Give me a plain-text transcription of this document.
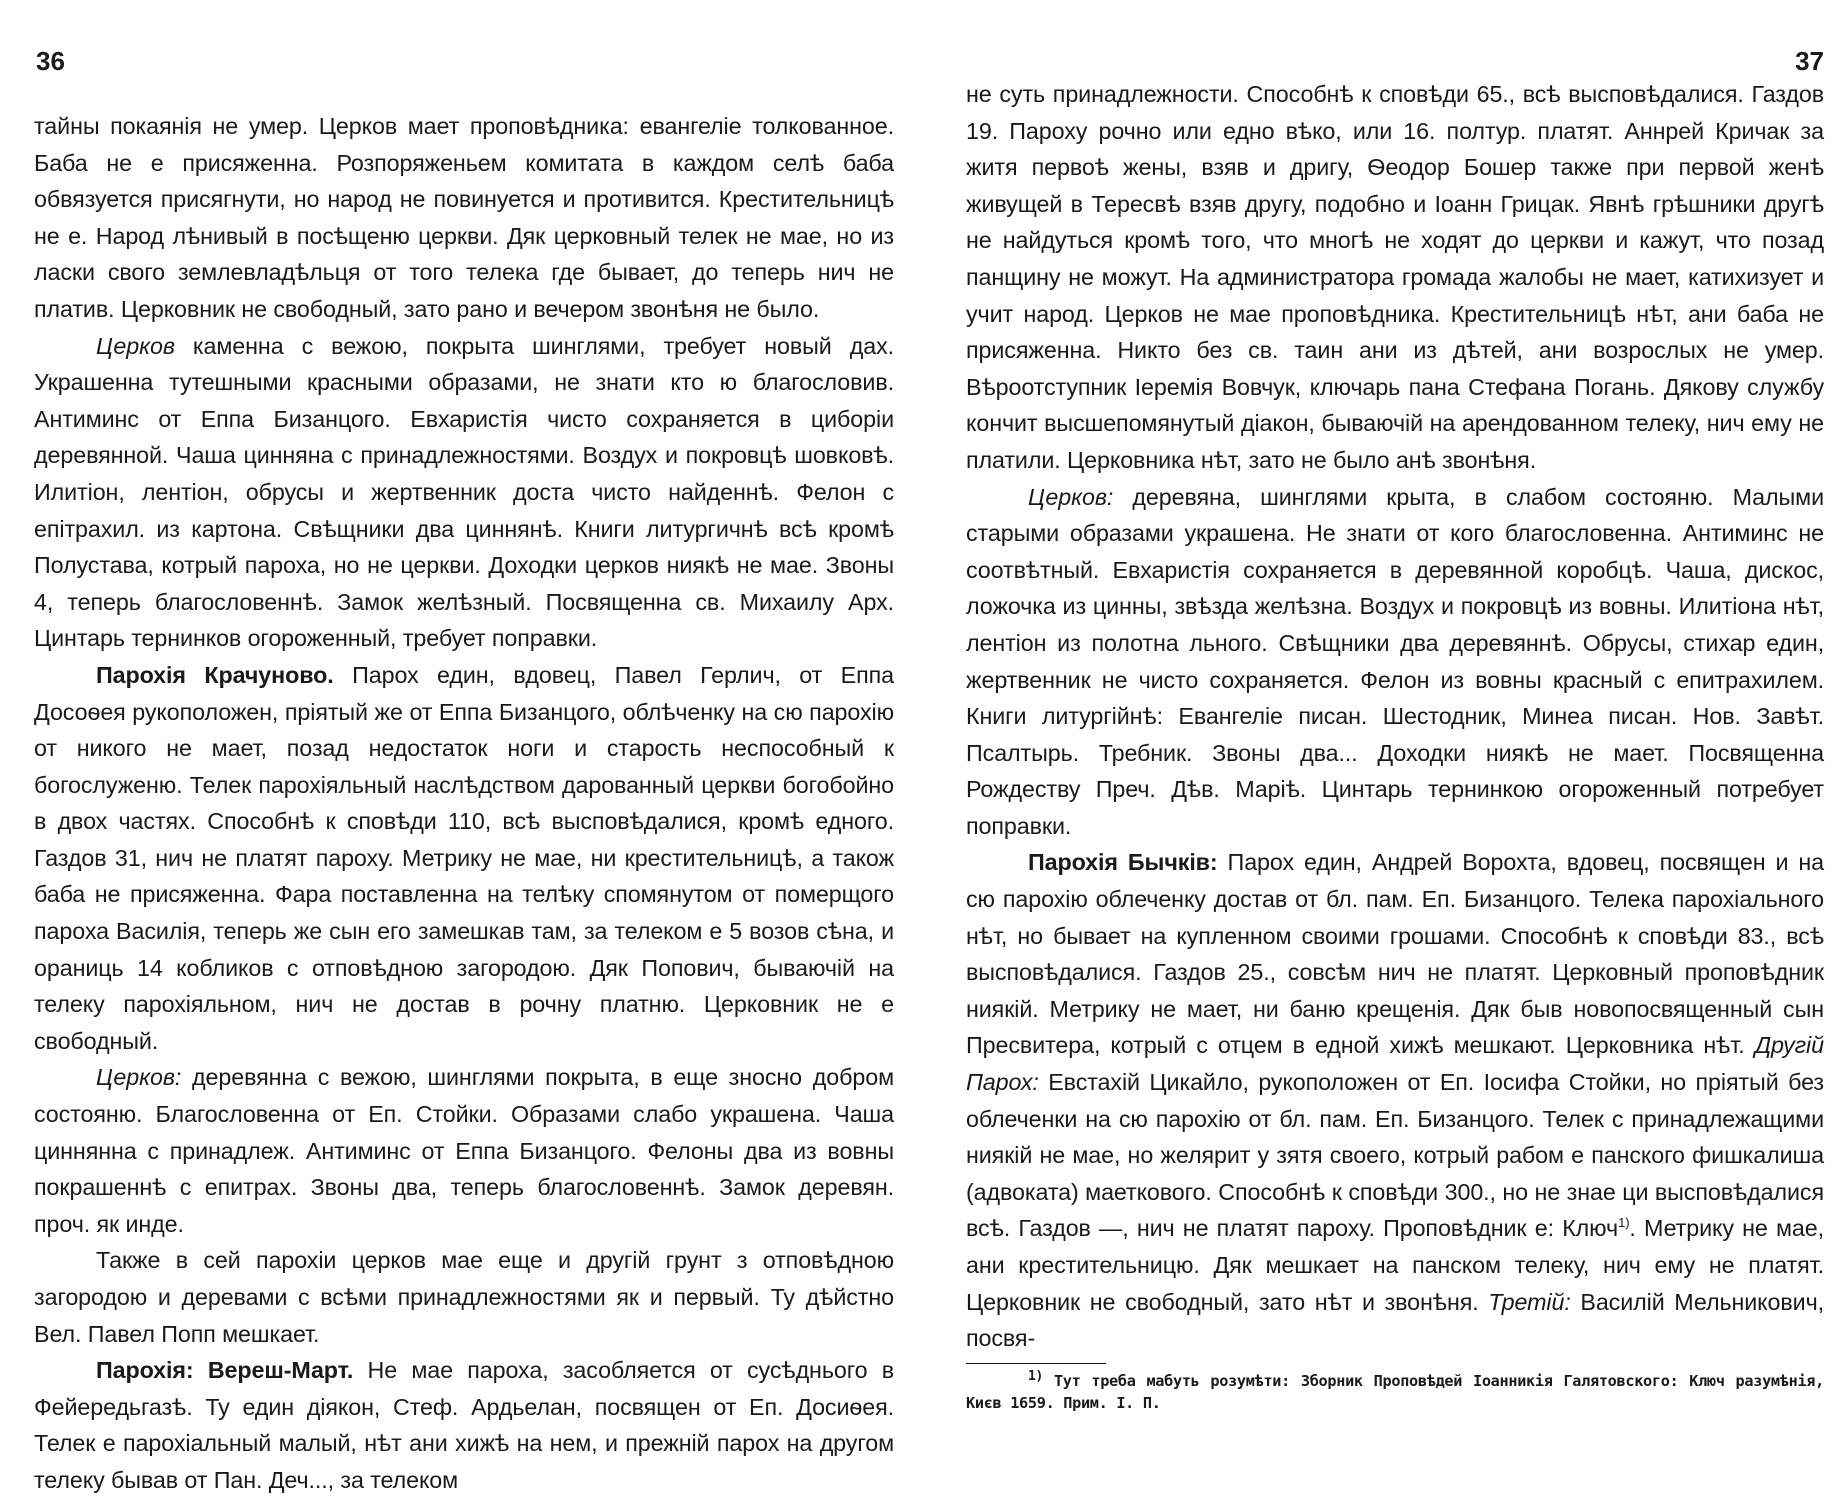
36

тайны покаянія не умер. Церков мает проповѣдника: евангеліе толкованное. Баба не е присяженна. Розпоряженьем комитата в каждом селѣ баба обвязуется присягнути, но народ не повинуется и противится. Крестительницѣ не е. Народ лѣнивый в посѣщеню церкви. Дяк церковный телек не мае, но из ласки свого землевладѣльця от того телека где бывает, до теперь нич не платив. Церковник не свободный, зато рано и вечером звонѣня не было.

Церков каменна с вежою, покрыта шинглями, требует новый дах. Украшенна тутешными красными образами, не знати кто ю благословив. Антиминс от Еппа Бизанцого. Евхаристія чисто сохраняется в циборіи деревянной. Чаша цинняна с принадлежностями. Воздух и покровцѣ шовковѣ. Илитіон, лентіон, обрусы и жертвенник доста чисто найденнѣ. Фелон с епітрахил. из картона. Свѣщники два циннянѣ. Книги литургичнѣ всѣ кромѣ Полустава, котрый пароха, но не церкви. Доходки церков ниякѣ не мае. Звоны 4, теперь благословеннѣ. Замок желѣзный. Посвященна св. Михаилу Арх. Цинтарь тернинков огороженный, требует поправки.

Парохія Крачуново. Парох един, вдовец, Павел Герлич, от Еппа Досоѳея рукоположен, пріятый же от Еппа Бизанцого, облѣченку на сю парохію от никого не мает, позад недостаток ноги и старость неспособный к богослуженю. Телек парохіяльный наслѣдством дарованный церкви богобойно в двох частях. Способнѣ к сповѣди 110, всѣ высповѣдалися, кромѣ едного. Газдов 31, нич не платят пароху. Метрику не мае, ни крестительницѣ, а також баба не присяженна. Фара поставленна на телѣку спомянутом от померщого пароха Василія, теперь же сын его замешкав там, за телеком е 5 возов сѣна, и ораниць 14 кобликов с отповѣдною загородою. Дяк Попович, бываючій на телеку парохіяльном, нич не достав в рочну платню. Церковник не е свободный.

Церков: деревянна с вежою, шинглями покрыта, в еще зносно добром состояню. Благословенна от Еп. Стойки. Образами слабо украшена. Чаша циннянна с принадлеж. Антиминс от Еппа Бизанцого. Фелоны два из вовны покрашеннѣ с епитрах. Звоны два, теперь благословеннѣ. Замок деревян. проч. як инде.

Также в сей парохіи церков мае еще и другій грунт з отповѣдною загородою и деревами с всѣми принадлежностями як и первый. Ту дѣйстно Вел. Павел Попп мешкает.

Парохія: Вереш-Март. Не мае пароха, засобляется от сусѣднього в Фейередьгазѣ. Ту един діякон, Стеф. Ардьелан, посвящен от Еп. Досиѳея. Телек е парохіальный малый, нѣт ани хижѣ на нем, и прежній парох на другом телеку бывав от Пан. Деч..., за телеком

37

не суть принадлежности. Способнѣ к сповѣди 65., всѣ высповѣдалися. Газдов 19. Пароху рочно или едно вѣко, или 16. полтур. платят. Аннрей Кричак за житя первоѣ жены, взяв и дригу, Ѳеодор Бошер также при первой женѣ живущей в Тересвѣ взяв другу, подобно и Іоанн Грицак. Явнѣ грѣшники другѣ не найдуться кромѣ того, что многѣ не ходят до церкви и кажут, что позад панщину не можут. На администратора громада жалобы не мает, катихизует и учит народ. Церков не мае проповѣдника. Крестительницѣ нѣт, ани баба не присяженна. Никто без св. таин ани из дѣтей, ани возрослых не умер. Вѣроотступник Іеремія Вовчук, ключарь пана Стефана Погань. Дякову службу кончит высшепомянутый діакон, бываючій на арендованном телеку, нич ему не платили. Церковника нѣт, зато не было анѣ звонѣня.

Церков: деревяна, шинглями крыта, в слабом состояню. Малыми старыми образами украшена. Не знати от кого благословенна. Антиминс не соотвѣтный. Евхаристія сохраняется в деревянной коробцѣ. Чаша, дискос, ложочка из цинны, звѣзда желѣзна. Воздух и покровцѣ из вовны. Илитіона нѣт, лентіон из полотна льного. Свѣщники два деревяннѣ. Обрусы, стихар един, жертвенник не чисто сохраняется. Фелон из вовны красный с епитрахилем. Книги литургійнѣ: Евангеліе писан. Шестодник, Минеа писан. Нов. Завѣт. Псалтырь. Требник. Звоны два... Доходки ниякѣ не мает. Посвященна Рождеству Преч. Дѣв. Маріѣ. Цинтарь тернинкою огороженный потребует поправки.

Парохія Бычків: Парох един, Андрей Ворохта, вдовец, посвящен и на сю парохію облеченку достав от бл. пам. Еп. Бизанцого. Телека парохіального нѣт, но бывает на купленном своими грошами. Способнѣ к сповѣди 83., всѣ высповѣдалися. Газдов 25., совсѣм нич не платят. Церковный проповѣдник ниякій. Метрику не мает, ни баню крещенія. Дяк быв новопосвященный сын Пресвитера, котрый с отцем в едной хижѣ мешкают. Церковника нѣт. Другій Парох: Евстахій Цикайло, рукоположен от Еп. Іосифа Стойки, но пріятый без облеченки на сю парохію от бл. пам. Еп. Бизанцого. Телек с принадлежащими ниякій не мае, но желярит у зятя своего, котрый рабом е панского фишкалиша (адвоката) маеткового. Способнѣ к сповѣди 300., но не знае ци высповѣдалися всѣ. Газдов —, нич не платят пароху. Проповѣдник е: Ключ$^{1)}$. Метрику не мае, ани крестительницю. Дяк мешкает на панском телеку, нич ему не платят. Церковник не свободный, зато нѣт и звонѣня. Третій: Василій Мельникович, посвя-

$^{1)}$ Тут треба мабуть розумѣти: Зборник Проповѣдей Іоанникія Галятовского: Ключ разумѣнія, Києв 1659. Прим. І. П.
